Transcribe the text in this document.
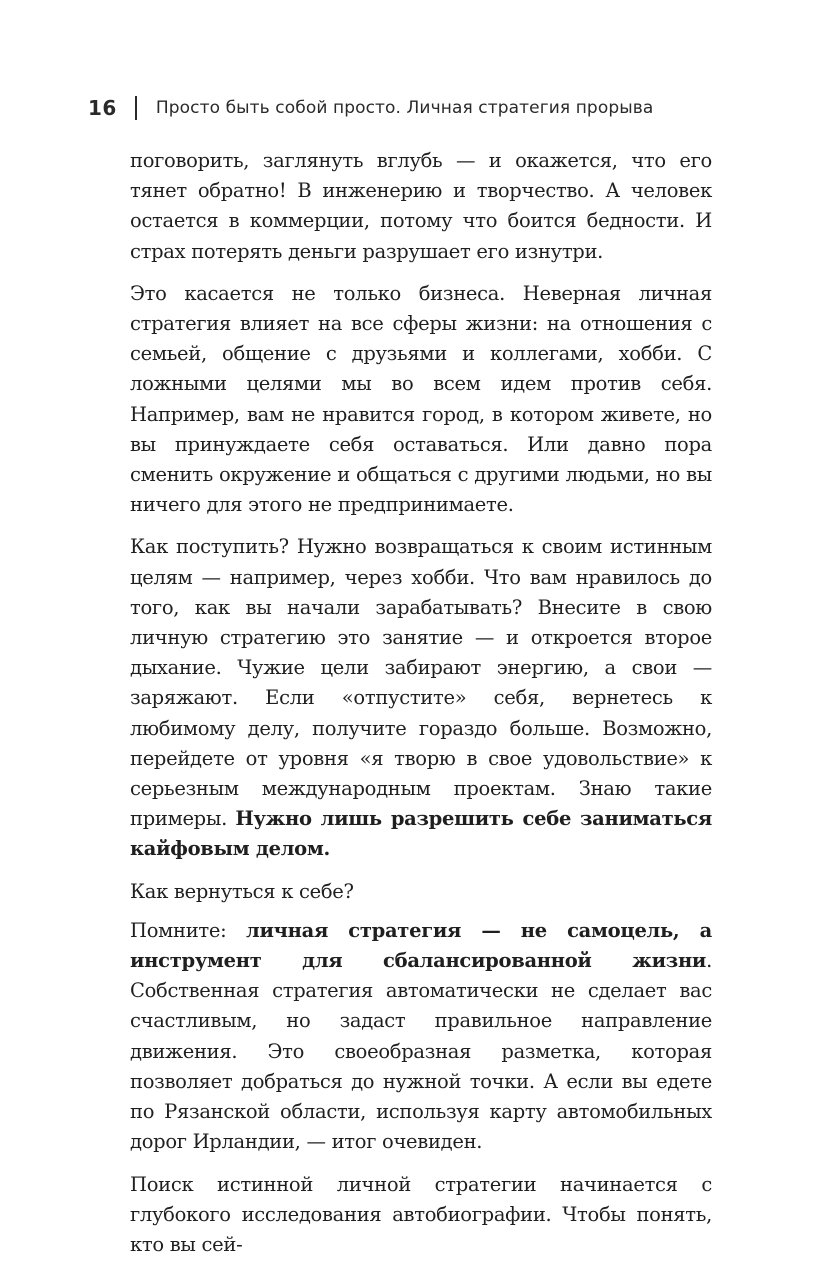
16 Просто быть собой просто. Личная стратегия прорыва

поговорить, заглянуть вглубь — и окажется, что его тянет обратно! В инженерию и творчество. А человек остается в коммерции, потому что боится бедности. И страх потерять деньги разрушает его изнутри.

Это касается не только бизнеса. Неверная личная стратегия влияет на все сферы жизни: на отношения с семьей, общение с друзьями и коллегами, хобби. С ложными целями мы во всем идем против себя. Например, вам не нравится город, в котором живете, но вы принуждаете себя оставаться. Или давно пора сменить окружение и общаться с другими людьми, но вы ничего для этого не предпринимаете.

Как поступить? Нужно возвращаться к своим истинным целям — например, через хобби. Что вам нравилось до того, как вы начали зарабатывать? Внесите в свою личную стратегию это занятие — и откроется второе дыхание. Чужие цели забирают энергию, а свои — заряжают. Если «отпустите» себя, вернетесь к любимому делу, получите гораздо больше. Возможно, перейдете от уровня «я творю в свое удовольствие» к серьезным международным проектам. Знаю такие примеры. Нужно лишь разрешить себе заниматься кайфовым делом.

Как вернуться к себе?

Помните: личная стратегия — не самоцель, а инструмент для сбалансированной жизни. Собственная стратегия автоматически не сделает вас счастливым, но задаст правильное направление движения. Это своеобразная разметка, которая позволяет добраться до нужной точки. А если вы едете по Рязанской области, используя карту автомобильных дорог Ирландии, — итог очевиден.

Поиск истинной личной стратегии начинается с глубокого исследования автобиографии. Чтобы понять, кто вы сей-
